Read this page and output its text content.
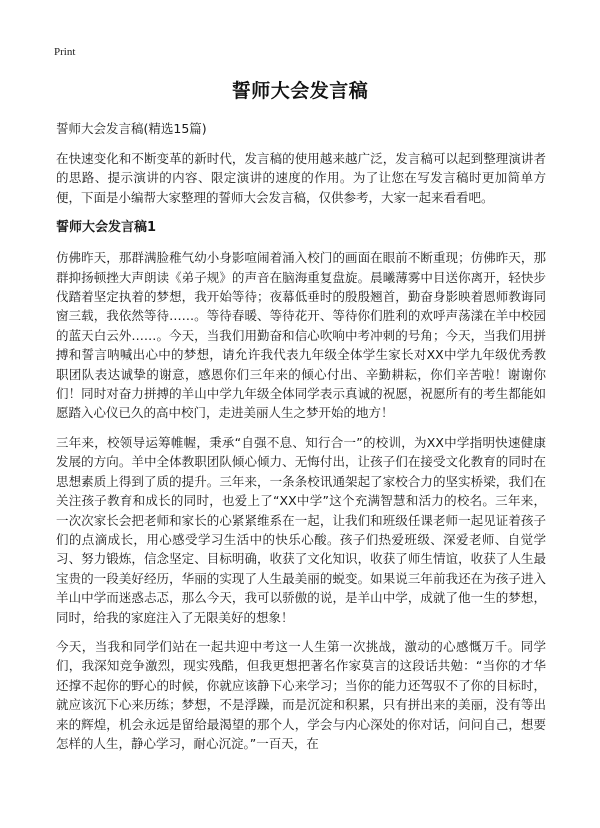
Print
誓师大会发言稿
誓师大会发言稿(精选15篇)

在快速变化和不断变革的新时代，发言稿的使用越来越广泛，发言稿可以起到整理演讲者的思路、提示演讲的内容、限定演讲的速度的作用。为了让您在写发言稿时更加简单方便，下面是小编帮大家整理的誓师大会发言稿，仅供参考，大家一起来看看吧。

誓师大会发言稿1

仿佛昨天，那群满脸稚气幼小身影喧闹着涌入校门的画面在眼前不断重现；仿佛昨天，那群抑扬顿挫大声朗读《弟子规》的声音在脑海重复盘旋。晨曦薄雾中目送你离开，轻快步伐踏着坚定执着的梦想，我开始等待；夜幕低垂时的殷殷翘首，勤奋身影映着恩师教诲同窗三载，我依然等待……。等待春暖、等待花开、等待你们胜利的欢呼声荡漾在羊中校园的蓝天白云外……。今天，当我们用勤奋和信心吹响中考冲刺的号角；今天，当我们用拼搏和誓言呐喊出心中的梦想，请允许我代表九年级全体学生家长对XX中学九年级优秀教职团队表达诚挚的谢意，感恩你们三年来的倾心付出、辛勤耕耘，你们辛苦啦！谢谢你们！同时对奋力拼搏的羊山中学九年级全体同学表示真诚的祝愿，祝愿所有的考生都能如愿踏入心仪已久的高中校门，走进美丽人生之梦开始的地方！

三年来，校领导运筹帷幄，秉承“自强不息、知行合一”的校训，为XX中学指明快速健康发展的方向。羊中全体教职团队倾心倾力、无悔付出，让孩子们在接受文化教育的同时在思想素质上得到了质的提升。三年来，一条条校讯通架起了家校合力的坚实桥梁，我们在关注孩子教育和成长的同时，也爱上了“XX中学”这个充满智慧和活力的校名。三年来，一次次家长会把老师和家长的心紧紧维系在一起，让我们和班级任课老师一起见证着孩子们的点滴成长，用心感受学习生活中的快乐心酸。孩子们热爱班级、深爱老师、自觉学习、努力锻炼，信念坚定、目标明确，收获了文化知识，收获了师生情谊，收获了人生最宝贵的一段美好经历，华丽的实现了人生最美丽的蜕变。如果说三年前我还在为孩子进入羊山中学而迷惑忐忑，那么今天，我可以骄傲的说，是羊山中学，成就了他一生的梦想，同时，给我的家庭注入了无限美好的想象！

今天，当我和同学们站在一起共迎中考这一人生第一次挑战，激动的心感慨万千。同学们，我深知竞争激烈，现实残酷，但我更想把著名作家莫言的这段话共勉：“当你的才华还撑不起你的野心的时候，你就应该静下心来学习；当你的能力还驾驭不了你的目标时，就应该沉下心来历练；梦想，不是浮躁，而是沉淀和积累，只有拼出来的美丽，没有等出来的辉煌，机会永远是留给最渴望的那个人，学会与内心深处的你对话，问问自己，想要怎样的人生，静心学习，耐心沉淀。”一百天，在
